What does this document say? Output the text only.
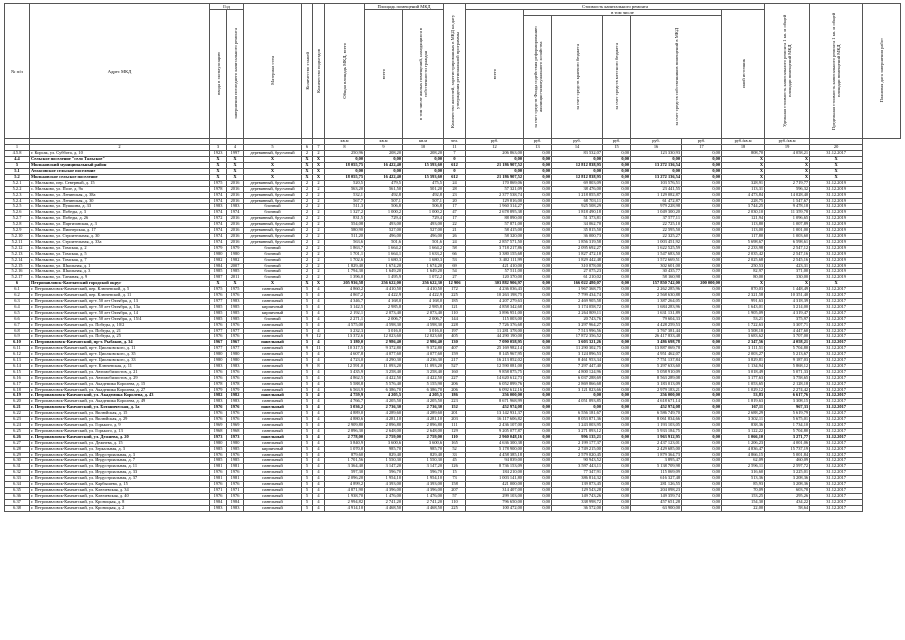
№ п/п	Адрес МКД	Год		Материал стен	Количество этажей	Количество подъездов	Общая площадь МКД, всего	Площадь помещений МКД		Количество жителей, зарегистрированных в МКД на дату утверждения региональной программы	Стоимость капитального ремонта							Удельная стоимость капитального ремонта 1 кв. м общей площади помещений МКД	Предельная стоимость капитального ремонта 1 кв. м общей площади помещений МКД	Плановая дата завершения работ
		ввода в эксплуатацию	завершения последнего капитального ремонта					всего	в том числе жилых помещений, находящихся в собственности граждан		всего	в том числе					иной источник			
												за счет средств Фонда содействия реформированию жилищно-коммунального хозяйства	за счет средств краевого бюджета	за счет средств местного бюджета	за счет средств собственников помещений в МКД					
							кв.м	кв.м	кв.м	чел.	руб.	руб.	руб.	руб.	руб.	руб.	руб./кв.м	руб./кв.м		
1	2	3	4	5	6	7	8	9	10	11	12	13	14	15	16	17	18	19	20	
4.5.8	г. Корсак, ул. Суббота, д. 10	1923	1997	деревянный, брусчатый	2	2	250,96	208,20	208,20	7	206 863,00	0,00	83 532,07	0,00	123 330,93	0,00	808,70	4 058,21	31.12.2017	
4.4	Сельское поселение "село Тальское"	X	X	X	X	X	0,00	0,00	0,00	0	0,00	0,00	0,00	0,00	0,00	0,00	X	X	X	
5	Мильковский муниципальный район	X	X	X	X	X	18 055,75	16 422,40	15 593,60	612	21 186 907,52	0,00	12 812 838,95	0,00	13 272 136,54	0,00	X	X	X	
5.1	Атласовское сельское поселение	X	X	X	X	X	0,00	0,00	0,00	0	0,00	0,00	0,00	0,00	0,00	0,00	X	X	X	
5.2	Мильковское сельское поселение	X	X	X	X	X	18 055,75	16 422,40	15 593,60	612	21 186 907,52	0,00	12 812 838,95	0,00	13 272 136,54	0,00	X	X	X	
5.2.1	с. Мильково, пер. Северный, д. 15	1975	2016	деревянный, брусчатый	2	2	520,5	479,5	475,5	24	170 869,06	0,00	69 803,09	0,00	103 576,51	0,00	328,91	2 719,77	31.12.2019	
5.2.2	с. Мильково, ул. Поле, д. 9а	1978	2016	деревянный, брусчатый	2	2	563,20	561,50	501,20	28	57 321,09	0,00	38 476,00	0,00	23 441,55	0,00	113,31	596,32	31.12.2019	
5.2.3	с. Мильково, ул. Ленинская, д. 38а	1974	2016	деревянный, брусчатый	2	2	532,1	492,8	492,8	23	2 377 538,74	0,00	1 218 855,87	0,00	1 129 082,87	0,00	4 473,84	14 028,40	31.12.2019	
5.2.4	с. Мильково, ул. Ленинская, д. 30	1974	2016	деревянный, брусчатый	2	2	567,7	507,1	507,1	20	129 816,00	0,00	68 703,11	0,00	61 472,87	0,00	228,75	1 547,67	31.12.2019	
5.2.5	с. Мильково, ул. Пушкина, д. 33	1983	1983	блочный	2	2	511,3	506,8	506,8	17	1 960 314,27	0,00	925 508,29	0,00	979 228,98	0,00	3 744,25	9 478,18	31.12.2019	
5.2.6	с. Мильково, ул. Победы, д. 3	1974	1974	блочный	2	2	1 327,2	1 000,2	1 000,2	47	2 678 895,38	0,00	1 818 490,18	0,00	1 049 300,20	0,00	2 030,10	11 359,78	31.12.2019	
5.2.7	с. Мильково, ул. Победы, д. 26	1972	2016	деревянный, брусчатый	2	2	831,5	729,4	729,4	17	88 890,00	0,00	51 373,81	0,00	37 577,11	0,00	121,94	1 096,65	31.12.2019	
5.2.8	с. Мильково, ул. Партизанская, д. 3	1974	2016	деревянный, брусчатый	2	2	554,08	493,00	493,00	22	57 871,00	0,00	34 062,70	0,00	22 725,10	0,00	113,80	1 007,89	31.12.2019	
5.2.9	с. Мильково, ул. Пионерская, д. 17	1974	2016	деревянный, брусчатый	2	2	580,90	527,00	527,00	21	58 415,00	0,00	35 815,50	0,00	22 595,50	0,00	113,00	1 001,00	31.12.2019	
5.2.10	с. Мильково, ул. Строительная, д. 30	1974	2016	деревянный, брусчатый	2	2	511,20	496,00	496,00	26	58 320,00	0,00	36 000,73	0,00	22 325,27	0,00	117,80	1 003,60	31.12.2019	
5.2.11	с. Мильково, ул. Строительная, д. 33а	1974	2016	деревянный, брусчатый	2	2	563,6	501,6	501,6	24	2 857 571,50	0,00	1 856 319,58	0,00	1 003 451,92	0,00	5 698,67	6 598,61	31.12.2019	
5.2.12	с. Мильково, ул. Томская, д. 2	1979	1979	блочный	2	2	1 863,7	1 664,2	1 664,2	58	3 718 217,86	0,00	2 095 692,27	0,00	1 622 525,59	0,00	2 233,98	2 547,12	31.12.2019	
5.2.13	с. Мильково, ул. Томская, д. 5	1980	1980	блочный	2	2	1 701,1	1 664,1	1 633,2	66	3 380 155,68	0,00	1 827 472,18	0,00	1 547 683,50	0,00	2 035,42	2 547,16	31.12.2019	
5.2.14	с. Мильково, ул. Томская, д. 7	1982	1982	блочный	2	2	1 702,6	1 680,3	1 680,3	53	3 402 111,99	0,00	1 829 442,48	0,00	1 572 669,51	0,00	2 025,68	2 545,16	31.12.2019	
5.2.15	с. Мильково, ул. Школьная, д. 1	1984	2007	блочный	2	2	1 829,40	1 674,20	1 674,20	69	421 410,00	0,00	310 878,00	0,00	302 601,00	0,00	250,53	423,31	31.12.2019	
5.2.16	с. Мильково, ул. Школьная, д. 3	1985	1985	блочный	2	2	1 794,30	1 649,20	1 649,20	54	57 511,00	0,00	27 075,23	0,00	30 435,77	0,00	82,97	371,00	31.12.2019	
5.2.17	с. Мильково, ул. Таежная, д. 9	1987	2011	блочный	2	2	1 396,0	1 495,9	1 072,2	27	120 370,00	0,00	61 210,02	0,00	58 160,98	0,00	80,00	330,00	31.12.2019	
6	Петропавловск-Камчатский городской округ	X	X	X	X	X	205 936,58	256 622,00	256 622,30	12 906	303 882 906,97	0,00	166 022 480,07	0,00	157 850 742,00	200 000,00	X	X	X	
6.1	г. Петропавловск-Камчатский, пер. Ключевской, д. 5	1975	1975	панельный	5	4	4 860,2	4 410,50	4 410,50	172	4 236 036,43	0,00	1 967 368,75	0,00	2 262 285,96	0,00	870,03	1 448,49	31.12.2017	
6.2	г. Петропавловск-Камчатский, пер. Ключевской, д. 11	1976	1976	панельный	5	4	4 867,2	4 422,9	4 422,9	225	10 263 198,75	0,00	7 799 434,74	0,00	2 568 630,88	0,00	2 321,58	10 351,40	31.12.2017	
6.3	г. Петропавловск-Камчатский, пр-т. 50 лет Октября, д. 13	1977	1983	панельный	5	4	4 346,7	4 168,0	4 168,0	185	4 207 279,63	0,00	2 469 905,58	0,00	1 387 264,05	0,00	991,63	4 318,39	31.12.2017	
6.4	г. Петропавловск-Камчатский, пр-т. 50 лет Октября, д. 13а	1985	1985	кирпичный	5	4	3 142,5	2 985,8	2 985,8	121	4 858 342,68	0,00	3 174 058,72	0,00	1 684 283,96	0,00	1 643,01	3 214,00	31.12.2017	
6.5	г. Петропавловск-Камчатский, пр-т. 50 лет Октября, д. 14	1985	1985	кирпичный	5	4	2 192,1	2 073,40	2 073,40	110	3 896 951,00	0,00	2 264 809,11	0,00	1 631 131,89	0,00	1 905,09	4 319,47	31.12.2017	
6.6	г. Петропавловск-Камчатский, пр-т. 50 лет Октября, д. 15/4	1985	1985	блочный	5	4	2 271,1	2 006,7	2 006,7	144	115 003,00	0,00	20 743,76	0,00	79 604,33	0,00	53,21	375,97	31.12.2017	
6.7	г. Петропавловск-Камчатский, ул. Победы, д. 10/2	1976	1976	панельный	5	4	4 575,00	4 598,30	4 598,30	228	7 726 376,68	0,00	3 297 964,27	0,00	4 428 259,53	0,00	1 722,63	3 307,71	31.12.2017	
6.8	г. Петропавловск-Камчатский, ул. Победы, д. 21	1977	1977	панельный	5	4	3 232,3	3 016,0	3 016,0	197	11 281 378,00	0,00	7 513 996,56	0,00	3 767 381,44	0,00	3 508,18	4 447,60	31.12.2017	
6.9	г. Петропавловск-Камчатский, ул. Победы, д. 25	1976	1976	панельный	9	12	13 372,6	12 023,60	12 023,60	405	44 290 190,00	0,00	17 872 356,52	0,00	26 417 833,48	0,00	3 683,62	3 707,00	31.12.2017	
6.10	г. Петропавловск-Камчатский, пр-т. Рыбаков, д. 34	1967	1967	панельный	5	4	3 180,0	2 986,40	2 986,40	130	7 090 058,95	0,00	3 603 321,26	0,00	3 486 698,78	0,00	2 347,56	4 058,21	31.12.2017	
6.11	г. Петропавловск-Камчатский, пр-т. Циолковского, д. 11	1977	1977	панельный	9	11	10 317,5	9 372,80	9 372,80	407	25 169 982,14	0,00	11 290 302,75	0,00	13 887 069,78	0,00	3 111,51	5 704,80	31.12.2017	
6.12	г. Петропавловск-Камчатский, пр-т. Циолковского, д. 35	1980	1980	панельный	5	4	4 607,8	4 077,60	4 077,60	159	8 145 967,95	0,00	3 124 896,53	0,00	4 951 462,07	0,00	2 003,27	5 213,67	31.12.2017	
6.13	г. Петропавловск-Камчатский, пр-т. Циолковского, д. 33	1980	1980	панельный	5	4	4 723,0	4 290,30	4 236,30	217	16 213 852,02	0,00	8 461 953,34	0,00	7 751 137,84	0,00	3 829,81	9 187,03	31.12.2017	
6.14	г. Петропавловск-Камчатский, пр-т. Ключевская, д. 11	1983	1983	панельный	9	8	12 591,0	11 093,20	11 093,20	527	12 590 081,00	0,00	7 297 447,40	0,00	5 297 633,60	0,00	1 134,94	5 868,12	31.12.2017	
6.15	г. Петропавловск-Камчатский, ул. Автомобилистов, д. 21	1976	1976	панельный	5	4	3 435,9	3 258,40	3 258,40	160	9 858 875,75	0,00	4 800 124,96	0,00	5 058 910,09	0,00	3 018,49	5 071,33	31.12.2017	
6.16	г. Петропавловск-Камчатский, ул. Автомобилистов, д. 29	1976	1976	панельный	5	4	4 862,5	4 422,50	4 422,50	227	14 620 612,73	0,00	6 037 288,69	0,00	8 563 289,08	0,00	3 177,63	3 758,65	31.12.2017	
6.17	г. Петропавловск-Камчатский, ул. Академика Королева, д. 15	1978	1978	панельный	5	4	5 588,8	5 576,40	5 155,90	206	6 052 899,76	0,00	2 869 866,68	0,00	3 183 013,09	0,00	1 053,65	2 128,18	31.12.2017	
6.18	г. Петропавловск-Камчатский, ул. Академика Королева, д. 27	1979	1979	панельный	5	4	6 563,9	6 386,70	6 386,70	206	6 092 612,16	0,00	3 121 823,66	0,00	2 979 183,21	0,00	1 029,12	2 274,42	31.12.2017	
6.19	г. Петропавловск-Камчатский, ул. Академика Королева, д. 43	1982	1982	панельный	5	4	4 759,9	4 205,5	4 205,5	186	256 000,00	0,00	0,00	0,00	256 000,00	0,00	53,83	6 617,76	31.12.2017	
6.20	г. Петропавловск-Камчатский, ул. Академика Королева, д. 49	1983	1983	панельный	5	4	4 766,7	4 205,50	4 205,50	223	8 671 968,99	0,00	4 051 893,85	0,00	4 618 671,14	0,00	1 819,63	3 308,15	31.12.2017	
6.21	г. Петропавловск-Камчатский, ул. Ботаническая, д. 1а	1976	1976	панельный	5	4	3 036,2	2 736,30	2 736,30	152	452 974,08	0,00	0,00	0,00	452 974,08	0,00	167,11	967,33	31.12.2017	
6.22	г. Петропавловск-Камчатский, ул. Вилюйская, д. 15	1976	1976	панельный	5	4	4 889,0	4 289,60	4 289,60	201	13 142 931,37	0,00	6 556 181,67	0,00	6 586 749,70	0,00	2 688,29	5 619,79	31.12.2017	
6.23	г. Петропавловск-Камчатский, ул. Вилюйская, д. 29	1976	1976	панельный	5	4	4 880,6	4 281,10	4 281,10	203	16 117 606,82	0,00	8 053 871,36	0,00	8 061 834,66	0,00	3 302,11	5 675,01	31.12.2017	
6.24	г. Петропавловск-Камчатский, ул. Горького, д. 9	1969	1969	панельный	5	4	2 909,80	2 896,80	2 896,80	111	2 436 107,00	0,00	1 243 003,95	0,00	1 193 103,05	0,00	838,36	1 734,10	31.12.2017	
6.25	г. Петропавловск-Камчатский, ул. Горького, д. 13	1968	1968	панельный	5	4	2 896,30	2 648,00	2 648,00	129	9 205 077,87	0,00	3 271 893,12	0,00	5 933 184,75	0,00	3 122,22	5 704,80	31.12.2017	
6.26	г. Петропавловск-Камчатский, ул. Дежнева, д. 20	1973	1973	панельный	5	4	2 778,00	2 759,00	2 759,00	110	2 960 048,16	0,00	996 135,21	0,00	1 963 912,95	0,00	1 066,10	3 271,77	31.12.2017	
6.27	г. Петропавловск-Камчатский, ул. Дежнева, д. 15	1980	1980	панельный	5	4	3 840,9	3 600,6	3 600,6	165	4 636 300,38	0,00	2 199 177,37	0,00	2 437 123,01	0,00	1 206,23	4 001,06	31.12.2017	
6.28	г. Петропавловск-Камчатский, ул. Зеркальная, д. 3	1985	1985	кирпичный	5	4	1 070,8	985,70	985,70	52	5 178 900,00	0,00	2 749 215,00	0,00	2 429 685,00	0,00	4 836,47	15 737,19	31.12.2017	
6.29	г. Петропавловск-Камчатский, ул. Индустриальная, д. 3	1976	1976	панельный	5	4	879,60	829,40	829,40	33	4 458 385,18	0,00	2 579 020,45	0,00	1 879 364,73	0,00	4 866,15	5 001,84	31.12.2017	
6.30	г. Петропавловск-Камчатский, ул. Индустриальная, д. 7	1985	1985	панельный	5	4	1 701,56	1 550,30	1 550,30	45	94 839,00	0,00	90 943,52	0,00	3 895,47	0,00	62,09	460,09	31.12.2017	
6.31	г. Петропавловск-Камчатский, ул. Индустриальная, д. 11	1981	1981	панельный	5	4	3 364,40	3 147,20	3 147,20	126	8 736 153,09	0,00	3 597 443,11	0,00	5 138 709,98	0,00	2 596,11	2 597,72	31.12.2017	
6.32	г. Петропавловск-Камчатский, ул. Индустриальная, д. 33	1976	1976	панельный	5	4	597,30	596,70	596,70	15	184 210,00	0,00	77 347,91	0,00	115 069,09	0,00	316,60	3 225,01	31.12.2017	
6.33	г. Петропавловск-Камчатский, ул. Индустриальная, д. 37	1981	1981	панельный	5	4	2 096,20	1 954,10	1 954,10	73	1 003 141,80	0,00	386 814,32	0,00	616 327,48	0,00	513,36	3 208,36	31.12.2017	
6.34	г. Петропавловск-Камчатский, ул. Карбышева, д. 15	1976	1976	панельный	5	4	4 899,2	4 393,00	4 393,00	158	421 000,00	0,00	139 873,45	0,00	281 126,55	0,00	85,93	3 208,36	31.12.2017	
6.35	г. Петропавловск-Камчатский, ул. Ключевская, д. 34	1971	1971	панельный	5	4	4 871,90	4 396,00	4 396,00	207	314 407,00	0,00	129 543,28	0,00	204 098,23	0,00	70,09	603,78	31.12.2017	
6.36	г. Петропавловск-Камчатский, ул. Ключевская, д. 40	1976	1976	панельный	5	4	1 938,70	1 476,00	1 476,00	57	299 103,00	0,00	149 743,26	0,00	149 359,74	0,00	153,25	295,26	31.12.2017	
6.37	г. Петропавловск-Камчатский, ул. Кроноцкая, д. 8	1984	1984	панельный	5	4	2 994,82	2 741,20	2 741,20	110	796 650,00	0,00	338 998,72	0,00	457 651,28	0,00	154,30	434,22	31.12.2017	
6.38	г. Петропавловск-Камчатский, ул. Кроноцкая, д. 2	1983	1983	панельный	5	4	4 914,10	4 468,50	4 468,50	225	100 472,00	0,00	36 572,00	0,00	63 900,00	0,00	22,00	58,64	31.12.2017	
